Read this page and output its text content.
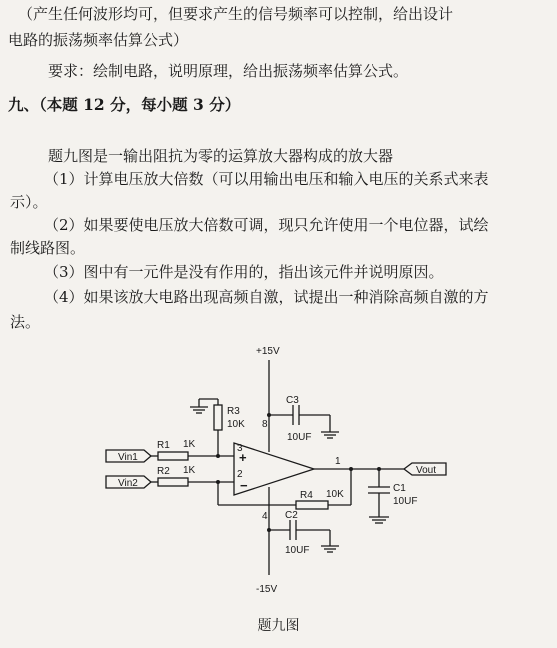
（产生任何波形均可，但要求产生的信号频率可以控制，给出设计
电路的振荡频率估算公式）
要求：绘制电路，说明原理，给出振荡频率估算公式。
九、（本题 12 分，每小题 3 分）
题九图是一输出阻抗为零的运算放大器构成的放大器
（1）计算电压放大倍数（可以用输出电压和输入电压的关系式来表
示）。
（2）如果要使电压放大倍数可调，现只允许使用一个电位器，试绘
制线路图。
（3）图中有一元件是没有作用的，指出该元件并说明原因。
（4）如果该放大电路出现高频自激，试提出一种消除高频自激的方
法。
+15V
-15V
R1 1K
R2 1K
R3
10K
R4 10K
C1
10UF
C2
10UF
C3
10UF
Vin1
Vin2
Vout
3
2
8
4
1
+
−
题九图
